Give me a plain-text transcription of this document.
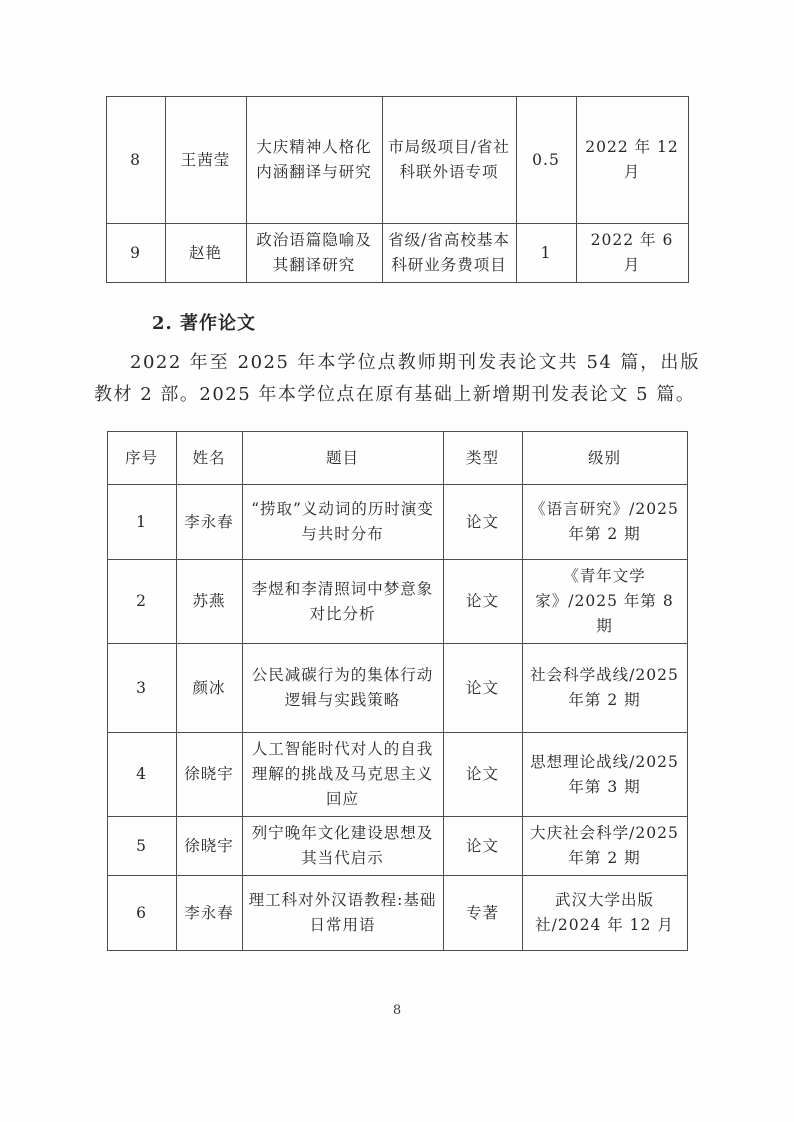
8	王茜莹	大庆精神人格化内涵翻译与研究	市局级项目/省社科联外语专项	0.5	2022 年 12 月
9	赵艳	政治语篇隐喻及其翻译研究	省级/省高校基本科研业务费项目	1	2022 年 6 月
2. 著作论文

2022 年至 2025 年本学位点教师期刊发表论文共 54 篇，出版教材 2 部。2025 年本学位点在原有基础上新增期刊发表论文 5 篇。

序号	姓名	题目	类型	级别
1	李永春	“捞取”义动词的历时演变与共时分布	论文	《语言研究》/2025 年第 2 期
2	苏燕	李煜和李清照词中梦意象对比分析	论文	《青年文学家》/2025 年第 8 期
3	颜冰	公民减碳行为的集体行动逻辑与实践策略	论文	社会科学战线/2025 年第 2 期
4	徐晓宇	人工智能时代对人的自我理解的挑战及马克思主义回应	论文	思想理论战线/2025 年第 3 期
5	徐晓宇	列宁晚年文化建设思想及其当代启示	论文	大庆社会科学/2025 年第 2 期
6	李永春	理工科对外汉语教程:基础日常用语	专著	武汉大学出版社/2024 年 12 月
8
